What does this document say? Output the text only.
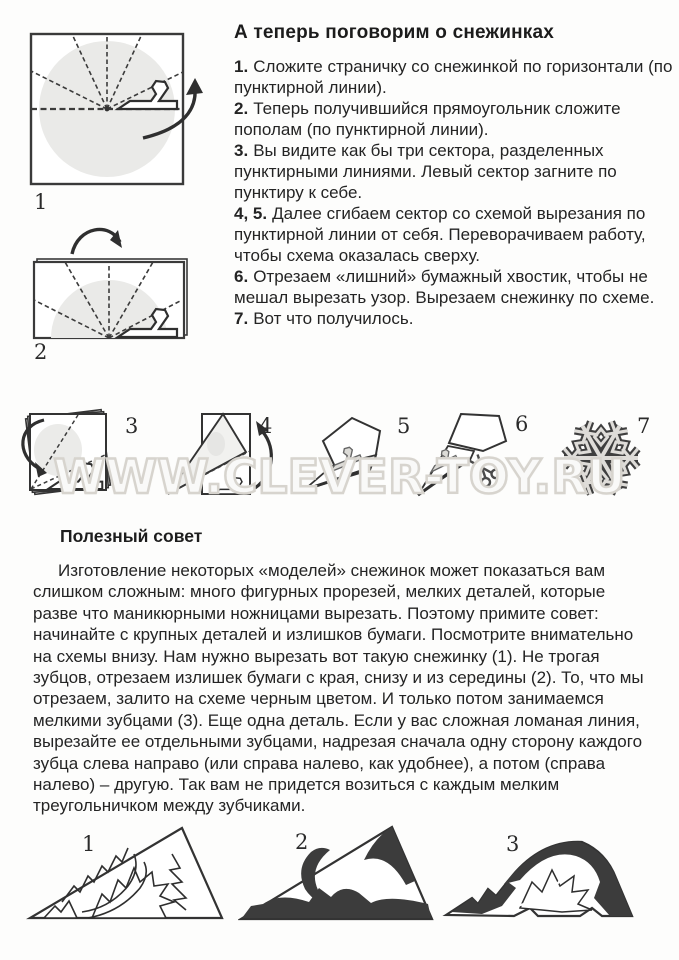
1
2
А теперь поговорим о снежинках

1. Сложите страничку со снежинкой по горизонтали (по пунктирной линии).

2. Теперь получившийся прямоугольник сложите пополам (по пунктирной линии).

3. Вы видите как бы три сектора, разделенных пунктирными линиями. Левый сектор загните по пунктиру к себе.

4, 5. Далее сгибаем сектор со схемой вырезания по пунктирной линии от себя. Переворачиваем работу, чтобы схема оказалась сверху.

6. Отрезаем «лишний» бумажный хвостик, чтобы не мешал вырезать узор. Вырезаем снежинку по схеме.

7. Вот что получилось.

3	4	5	6	7
WWW.CLEVER-TOY.RU
Полезный совет
Изготовление некоторых «моделей» снежинок может показаться вам слишком сложным: много фигурных прорезей, мелких деталей, которые разве что маникюрными ножницами вырезать. Поэтому примите совет: начинайте с крупных деталей и излишков бумаги. Посмотрите внимательно на схемы внизу. Нам нужно вырезать вот такую снежинку (1). Не трогая зубцов, отрезаем излишек бумаги с края, снизу и из середины (2). То, что мы отрезаем, залито на схеме черным цветом. И только потом занимаемся мелкими зубцами (3). Еще одна деталь. Если у вас сложная ломаная линия, вырезайте ее отдельными зубцами, надрезая сначала одну сторону каждого зубца слева направо (или справа налево, как удобнее), а потом (справа налево) – другую. Так вам не придется возиться с каждым мелким треугольничком между зубчиками.
1	2	3
